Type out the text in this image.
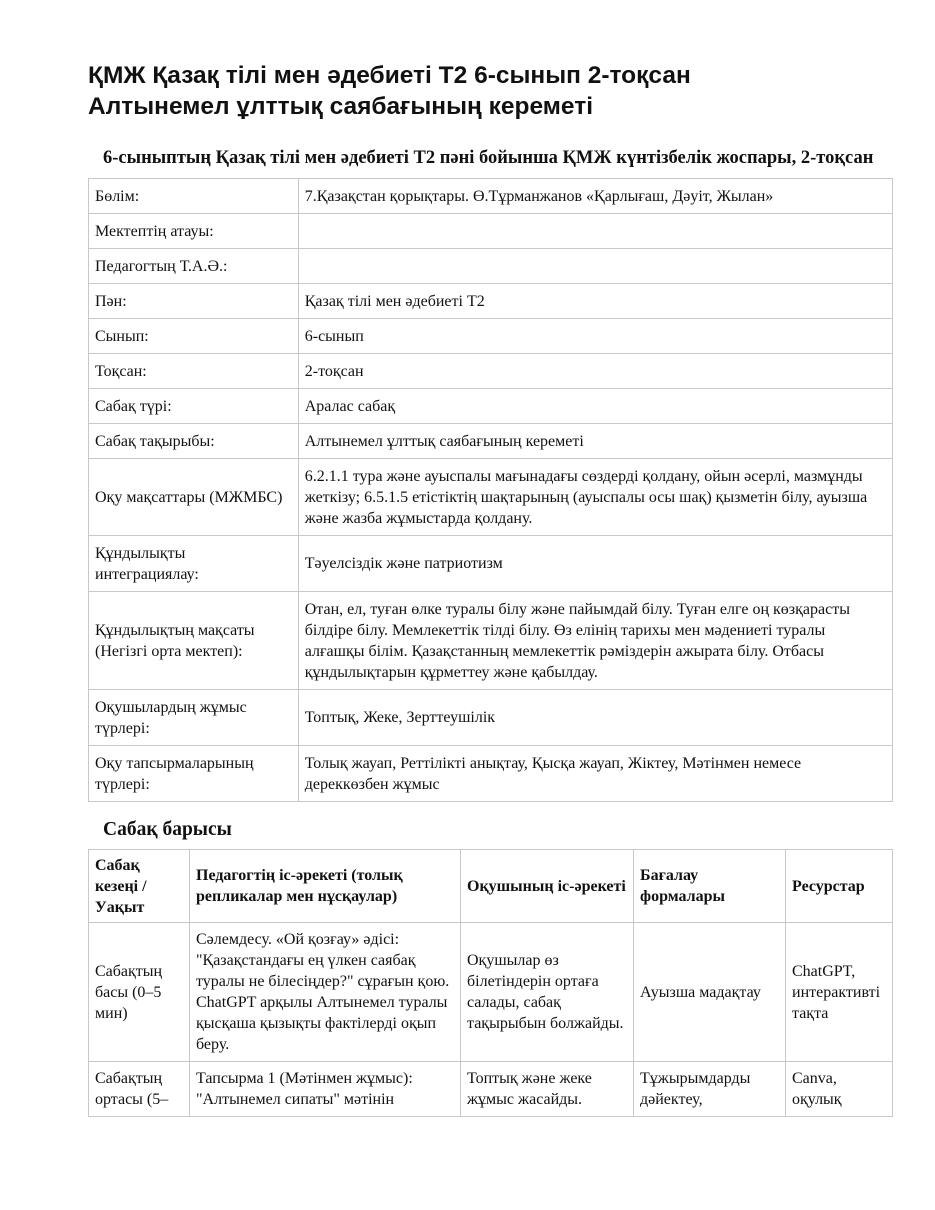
ҚМЖ Қазақ тілі мен әдебиеті Т2 6-сынып 2-тоқсан
Алтынемел ұлттық саябағының кереметі
6-сыныптың Қазақ тілі мен әдебиеті Т2 пәні бойынша ҚМЖ күнтізбелік жоспары, 2-тоқсан
Бөлім:	7.Қазақстан қорықтары. Ө.Тұрманжанов «Қарлығаш, Дәуіт, Жылан»
Мектептің атауы:	
Педагогтың Т.А.Ә.:	
Пән:	Қазақ тілі мен әдебиеті Т2
Сынып:	6-сынып
Тоқсан:	2-тоқсан
Сабақ түрі:	Аралас сабақ
Сабақ тақырыбы:	Алтынемел ұлттық саябағының кереметі
Оқу мақсаттары (МЖМБС)	6.2.1.1 тура және ауыспалы мағынадағы сөздерді қолдану, ойын әсерлі, мазмұнды жеткізу; 6.5.1.5 етістіктің шақтарының (ауыспалы осы шақ) қызметін білу, ауызша және жазба жұмыстарда қолдану.
Құндылықты интеграциялау:	Тәуелсіздік және патриотизм
Құндылықтың мақсаты (Негізгі орта мектеп):	Отан, ел, туған өлке туралы білу және пайымдай білу. Туған елге оң көзқарасты білдіре білу. Мемлекеттік тілді білу. Өз елінің тарихы мен мәдениеті туралы алғашқы білім. Қазақстанның мемлекеттік рәміздерін ажырата білу. Отбасы құндылықтарын құрметтеу және қабылдау.
Оқушылардың жұмыс түрлері:	Топтық, Жеке, Зерттеушілік
Оқу тапсырмаларының түрлері:	Толық жауап, Реттілікті анықтау, Қысқа жауап, Жіктеу, Мәтінмен немесе дереккөзбен жұмыс
Сабақ барысы
Сабақ кезеңі / Уақыт	Педагогтің іс-әрекеті (толық репликалар мен нұсқаулар)	Оқушының іс-әрекеті	Бағалау формалары	Ресурстар
Сабақтың басы (0–5 мин)	Сәлемдесу. «Ой қозғау» әдісі: "Қазақстандағы ең үлкен саябақ туралы не білесіңдер?" сұрағын қою. ChatGPT арқылы Алтынемел туралы қысқаша қызықты фактілерді оқып беру.	Оқушылар өз білетіндерін ортаға салады, сабақ тақырыбын болжайды.	Ауызша мадақтау	ChatGPT, интерактивті тақта
Сабақтың ортасы (5–	Тапсырма 1 (Мәтінмен жұмыс): "Алтынемел сипаты" мәтінін	Топтық және жеке жұмыс жасайды.	Тұжырымдарды дәйектеу,	Canva, оқулық
